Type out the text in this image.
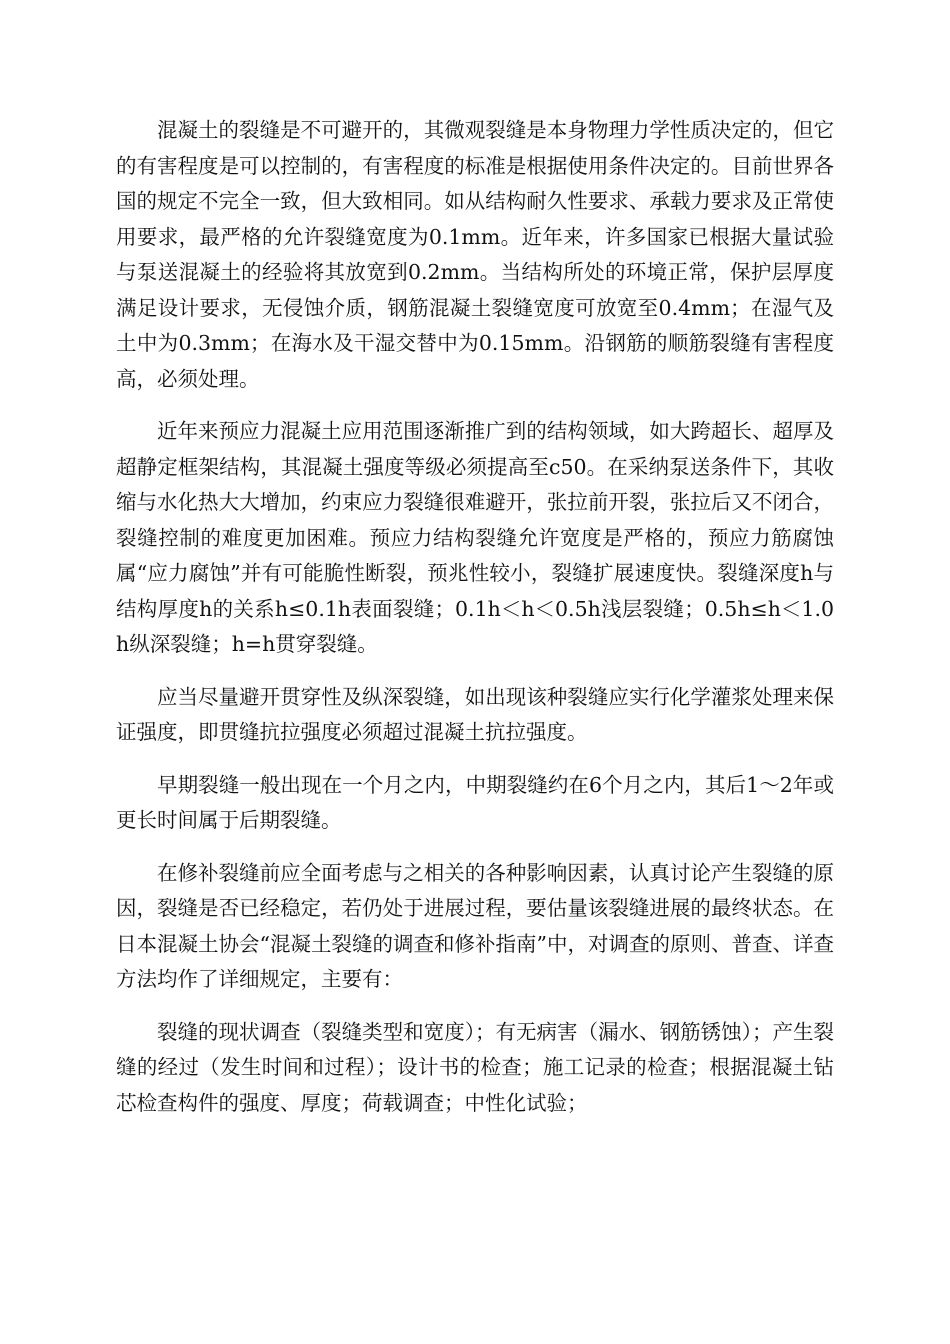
混凝土的裂缝是不可避开的，其微观裂缝是本身物理力学性质决定的，但它的有害程度是可以控制的，有害程度的标准是根据使用条件决定的。目前世界各国的规定不完全一致，但大致相同。如从结构耐久性要求、承载力要求及正常使用要求，最严格的允许裂缝宽度为0.1mm。近年来，许多国家已根据大量试验与泵送混凝土的经验将其放宽到0.2mm。当结构所处的环境正常，保护层厚度满足设计要求，无侵蚀介质，钢筋混凝土裂缝宽度可放宽至0.4mm；在湿气及土中为0.3mm；在海水及干湿交替中为0.15mm。沿钢筋的顺筋裂缝有害程度高，必须处理。

近年来预应力混凝土应用范围逐渐推广到的结构领域，如大跨超长、超厚及超静定框架结构，其混凝土强度等级必须提高至c50。在采纳泵送条件下，其收缩与水化热大大增加，约束应力裂缝很难避开，张拉前开裂，张拉后又不闭合，裂缝控制的难度更加困难。预应力结构裂缝允许宽度是严格的，预应力筋腐蚀属“应力腐蚀”并有可能脆性断裂，预兆性较小，裂缝扩展速度快。裂缝深度h与结构厚度h的关系h≤0.1h表面裂缝；0.1h＜h＜0.5h浅层裂缝；0.5h≤h＜1.0h纵深裂缝；h=h贯穿裂缝。

应当尽量避开贯穿性及纵深裂缝，如出现该种裂缝应实行化学灌浆处理来保证强度，即贯缝抗拉强度必须超过混凝土抗拉强度。

早期裂缝一般出现在一个月之内，中期裂缝约在6个月之内，其后1～2年或更长时间属于后期裂缝。

在修补裂缝前应全面考虑与之相关的各种影响因素，认真讨论产生裂缝的原因，裂缝是否已经稳定，若仍处于进展过程，要估量该裂缝进展的最终状态。在日本混凝土协会“混凝土裂缝的调查和修补指南”中，对调查的原则、普查、详查方法均作了详细规定，主要有：

裂缝的现状调查（裂缝类型和宽度）；有无病害（漏水、钢筋锈蚀）；产生裂缝的经过（发生时间和过程）；设计书的检查；施工记录的检查；根据混凝土钻芯检查构件的强度、厚度；荷载调查；中性化试验；
